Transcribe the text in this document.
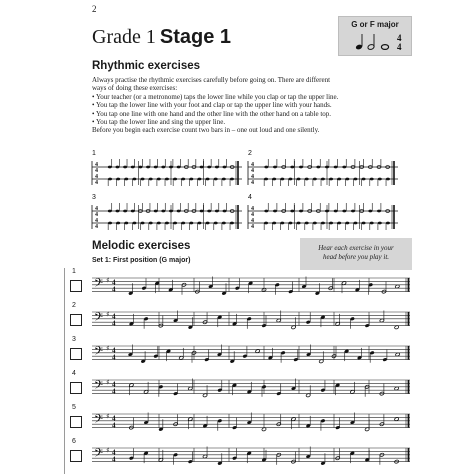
2
Grade 1 Stage 1
G or F major
4
4
Rhythmic exercises
Always practise the rhythmic exercises carefully before going on. There are different
ways of doing these exercises:
• Your teacher (or a metronome) taps the lower line while you clap or tap the upper line.
• You tap the lower line with your foot and clap or tap the upper line with your hands.
• You tap one line with one hand and the other line with the other hand on a table top.
• You tap the lower line and sing the upper line.
Before you begin each exercise count two bars in – one out loud and one silently.
1
4
4
4
4
2
4
4
4
4
3
4
4
4
4
4
4
4
4
4
Melodic exercises	Hear each exercise in your
head before you play it.
Set 1: First position (G major)
1
𝄢 ♯ 4
4
2
𝄢 ♯ 4
4
3
𝄢 ♯ 4
4
4
𝄢 ♯ 4
4
5
𝄢 ♯ 4
4
6
𝄢 ♯ 4
4
